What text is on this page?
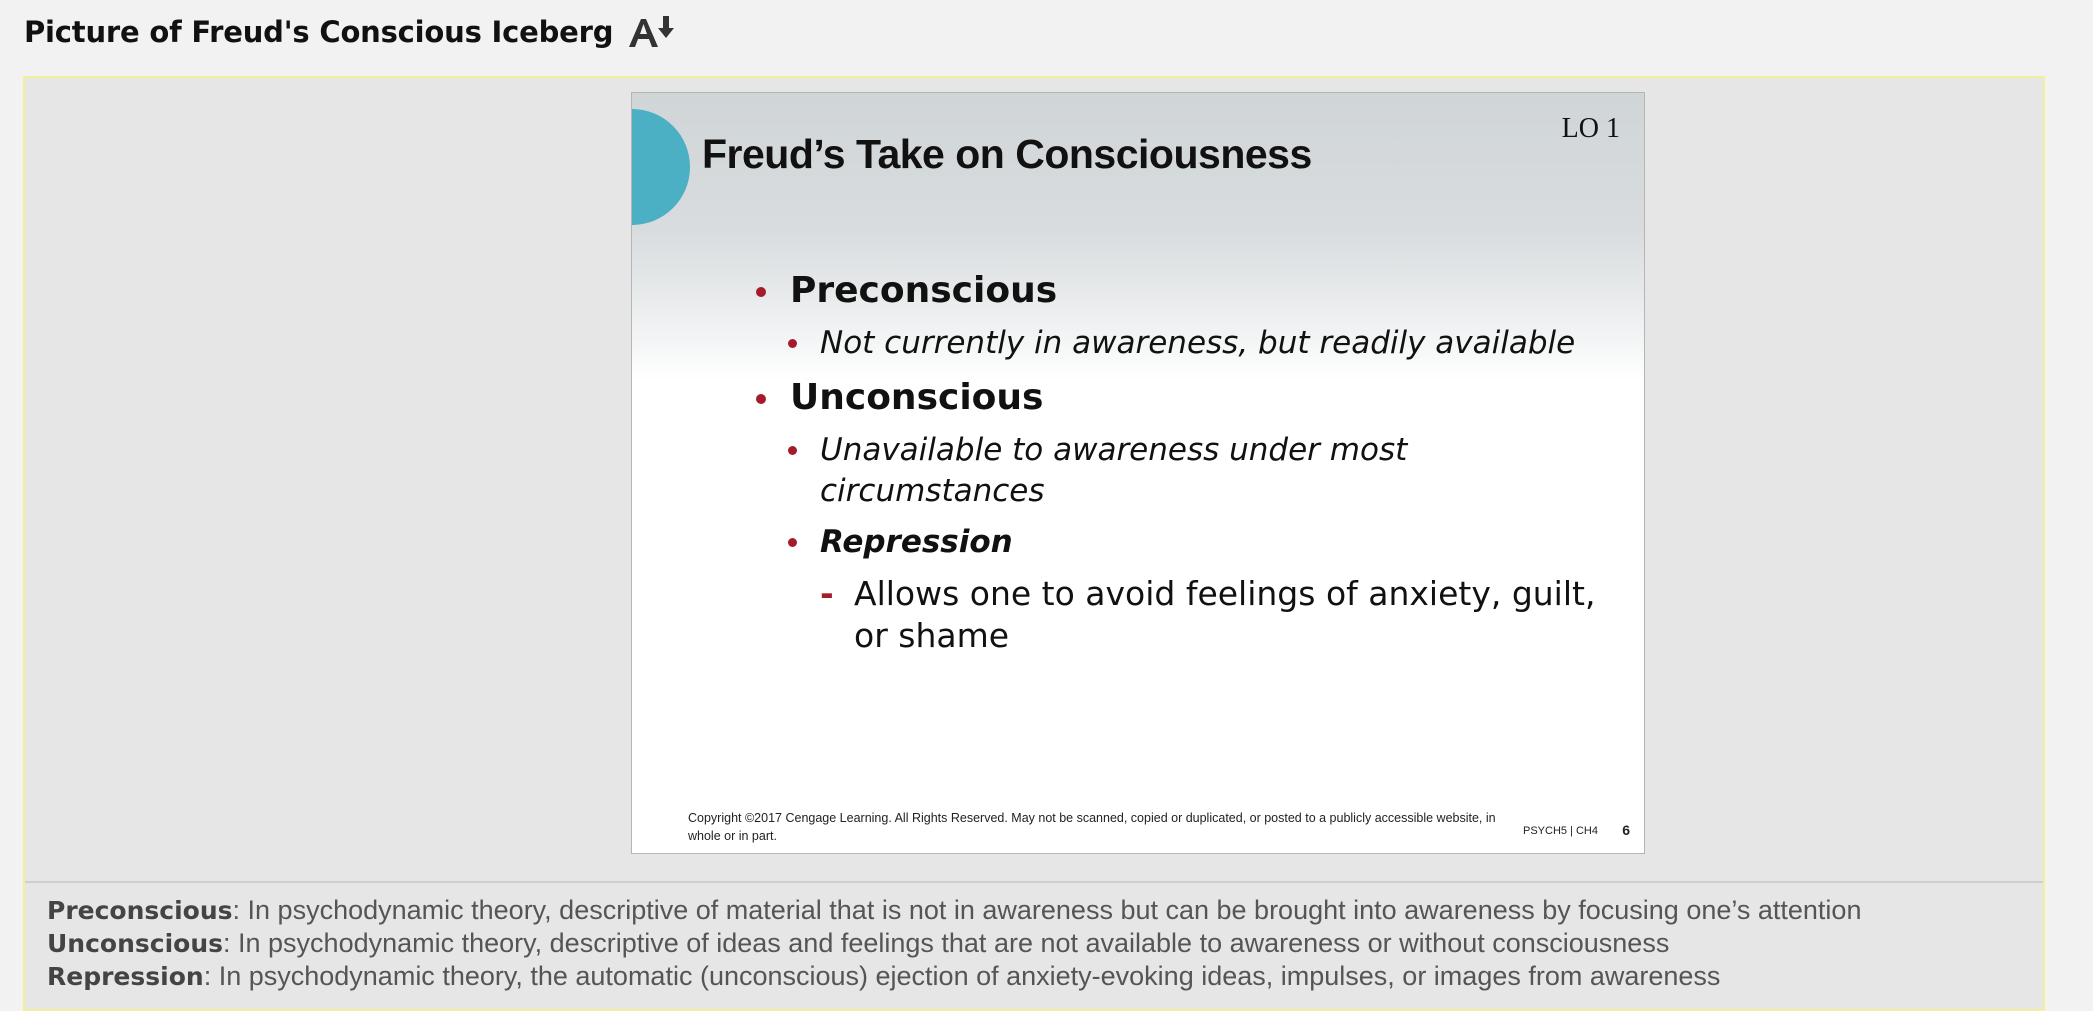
Picture of Freud's Conscious Iceberg
Freud’s Take on Consciousness
LO 1
Preconscious
Not currently in awareness, but readily available
Unconscious
Unavailable to awareness under most circumstances
Repression
- Allows one to avoid feelings of anxiety, guilt, or shame
Copyright ©2017 Cengage Learning. All Rights Reserved. May not be scanned, copied or duplicated, or posted to a publicly accessible website, in whole or in part.	PSYCH5 | CH4 6
Preconscious: In psychodynamic theory, descriptive of material that is not in awareness but can be brought into awareness by focusing one’s attention
Unconscious: In psychodynamic theory, descriptive of ideas and feelings that are not available to awareness or without consciousness
Repression: In psychodynamic theory, the automatic (unconscious) ejection of anxiety-evoking ideas, impulses, or images from awareness
